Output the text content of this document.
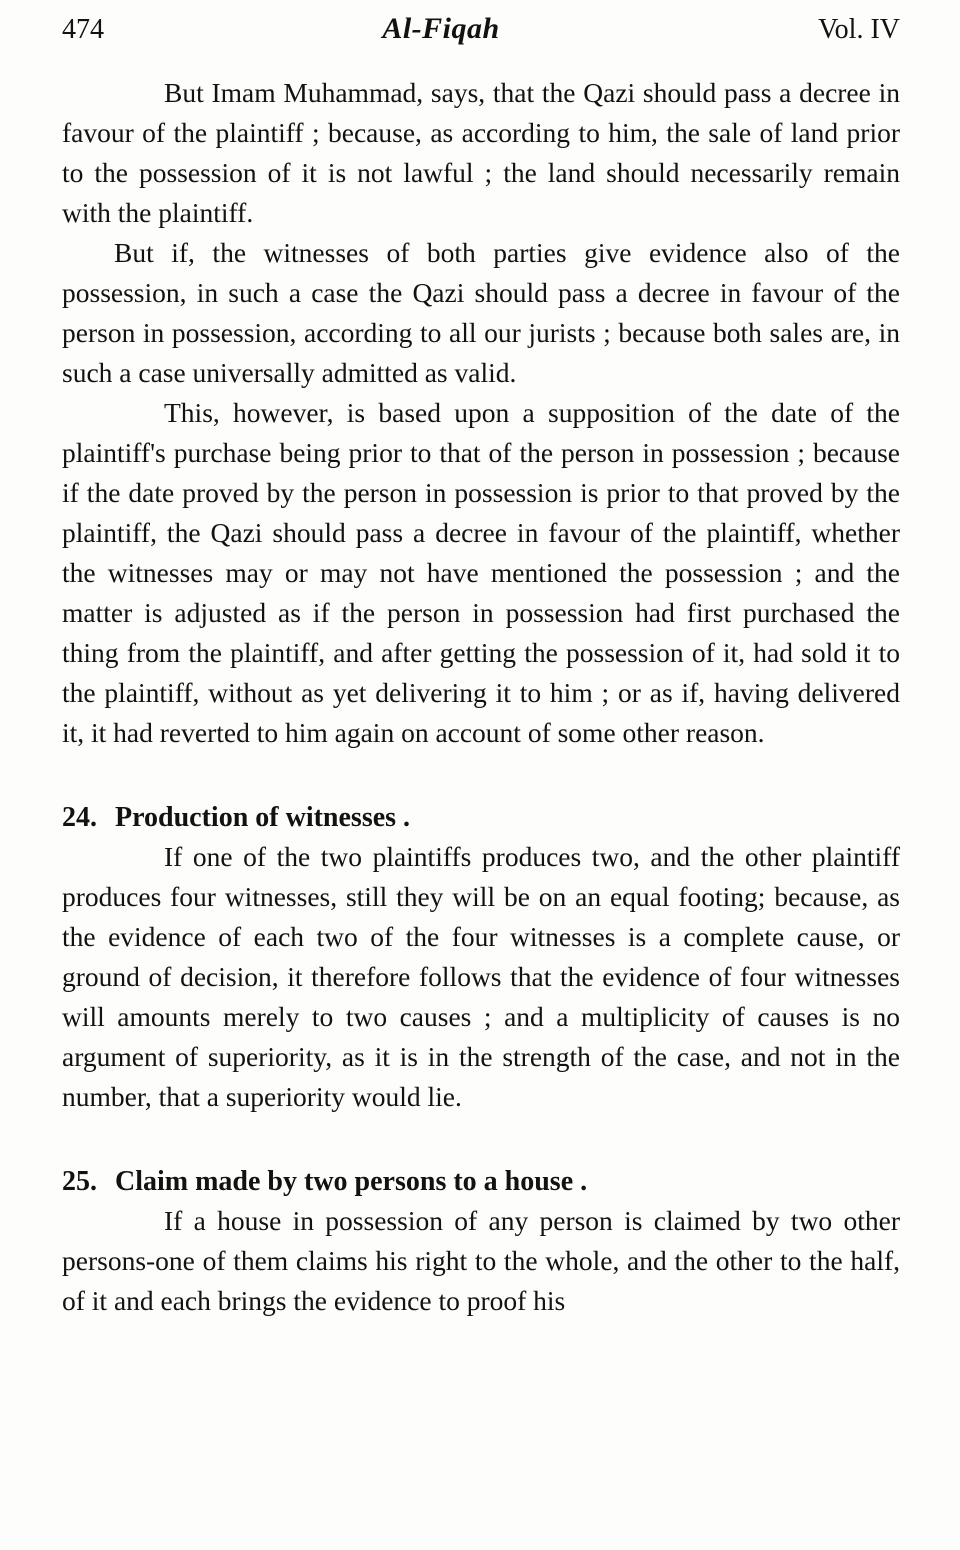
474	Al-Fiqah	Vol. IV

But Imam Muhammad, says, that the Qazi should pass a decree in favour of the plaintiff ; because, as according to him, the sale of land prior to the possession of it is not lawful ; the land should necessarily remain with the plaintiff.

But if, the witnesses of both parties give evidence also of the possession, in such a case the Qazi should pass a decree in favour of the person in possession, according to all our jurists ; because both sales are, in such a case universally admitted as valid.

This, however, is based upon a supposition of the date of the plaintiff's purchase being prior to that of the person in possession ; because if the date proved by the person in possession is prior to that proved by the plaintiff, the Qazi should pass a decree in favour of the plaintiff, whether the witnesses may or may not have mentioned the possession ; and the matter is adjusted as if the person in possession had first purchased the thing from the plaintiff, and after getting the possession of it, had sold it to the plaintiff, without as yet delivering it to him ; or as if, having delivered it, it had reverted to him again on account of some other reason.

24. Production of witnesses .

If one of the two plaintiffs produces two, and the other plaintiff produces four witnesses, still they will be on an equal footing; because, as the evidence of each two of the four witnesses is a complete cause, or ground of decision, it therefore follows that the evidence of four witnesses will amounts merely to two causes ; and a multiplicity of causes is no argument of superiority, as it is in the strength of the case, and not in the number, that a superiority would lie.

25. Claim made by two persons to a house .

If a house in possession of any person is claimed by two other persons-one of them claims his right to the whole, and the other to the half, of it and each brings the evidence to proof his
